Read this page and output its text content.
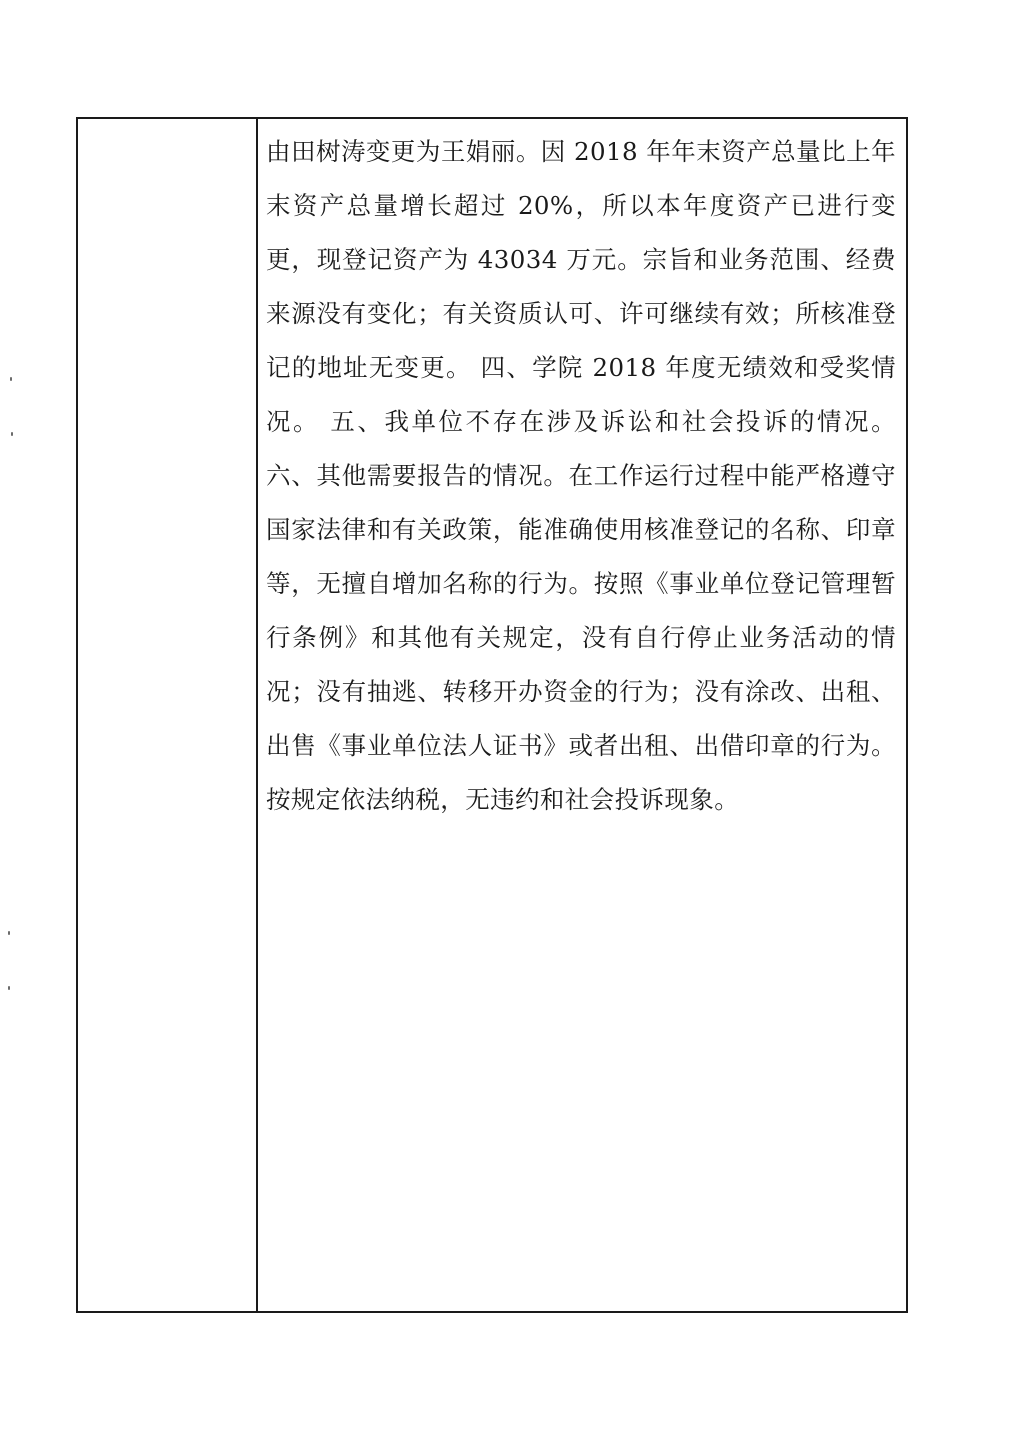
由田树涛变更为王娟丽。因 2018 年年末资产总量比上年末资产总量增长超过 20%，所以本年度资产已进行变更，现登记资产为 43034 万元。宗旨和业务范围、经费来源没有变化；有关资质认可、许可继续有效；所核准登记的地址无变更。 四、学院 2018 年度无绩效和受奖情况。 五、我单位不存在涉及诉讼和社会投诉的情况。 六、其他需要报告的情况。在工作运行过程中能严格遵守国家法律和有关政策，能准确使用核准登记的名称、印章等，无擅自增加名称的行为。按照《事业单位登记管理暂行条例》和其他有关规定，没有自行停止业务活动的情况；没有抽逃、转移开办资金的行为；没有涂改、出租、出售《事业单位法人证书》或者出租、出借印章的行为。按规定依法纳税，无违约和社会投诉现象。
